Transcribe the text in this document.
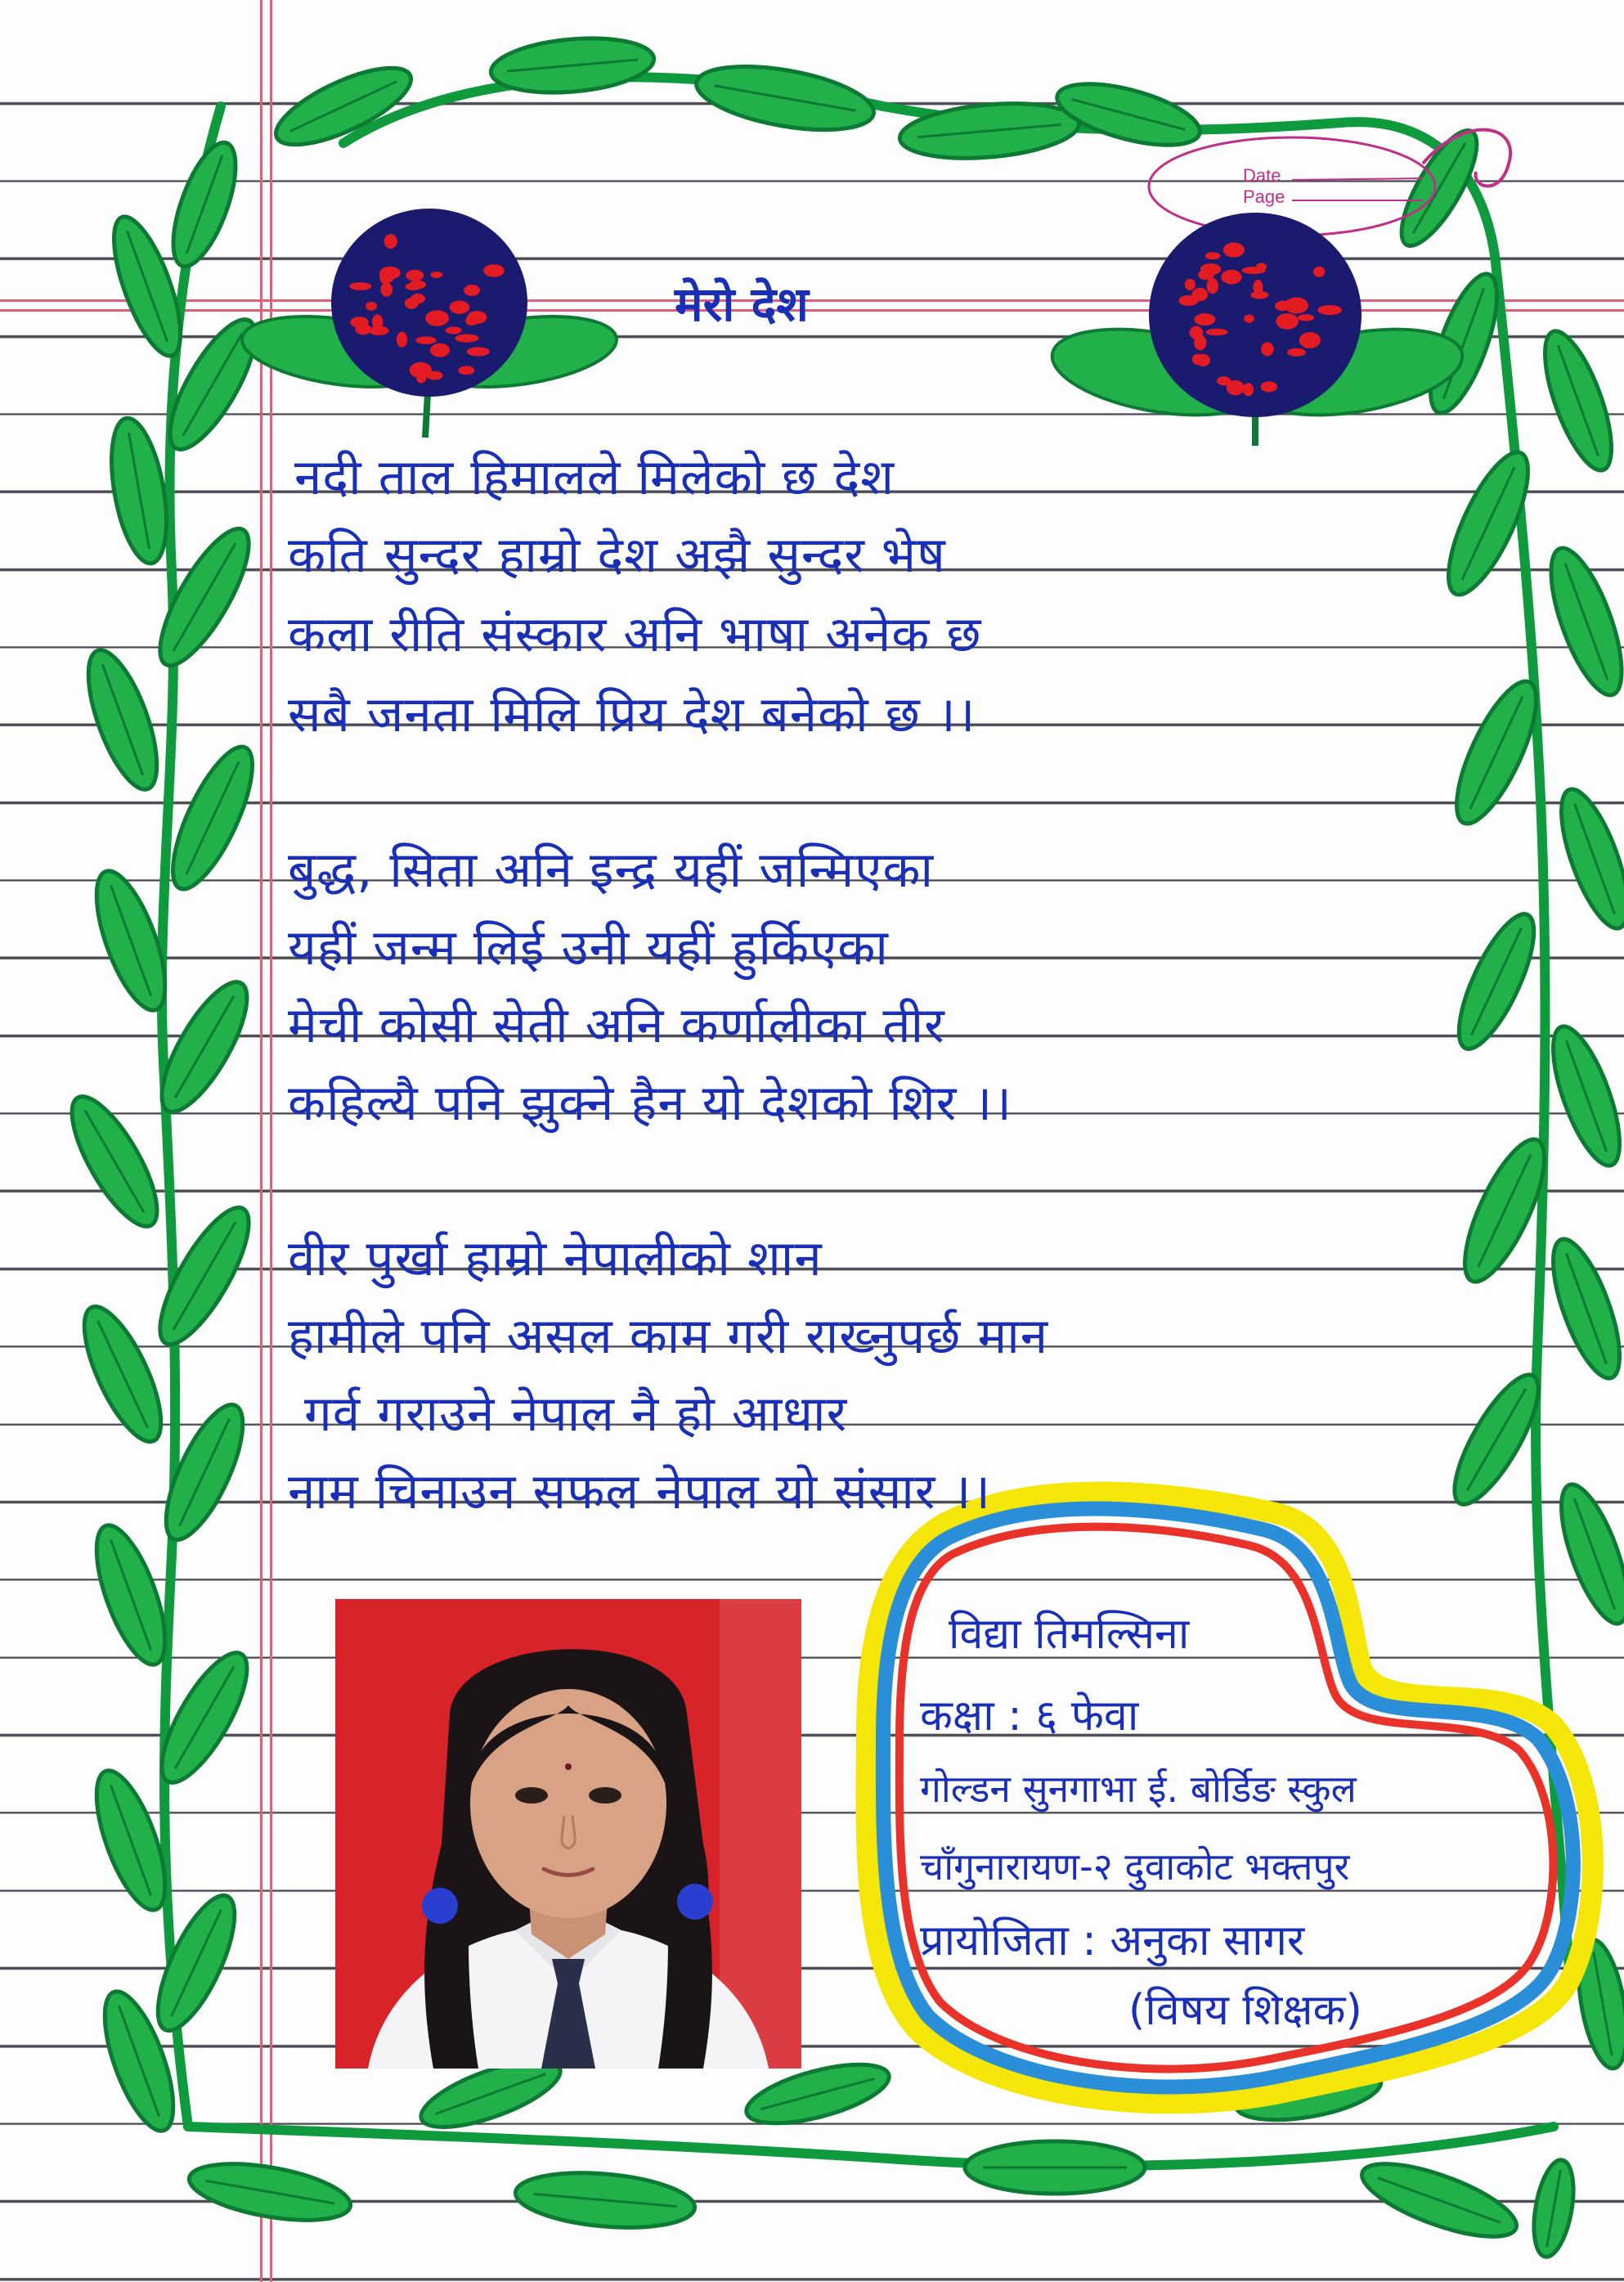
Date
Page
मेरो देश

नदी ताल हिमालले मिलेको छ देश

कति सुन्दर हाम्रो देश अझै सुन्दर भेष

कला रीति संस्कार अनि भाषा अनेक छ

सबै जनता मिलि प्रिय देश बनेको छ ।।

बुद्ध, सिता अनि इन्द्र यहीं जन्मिएका

यहीं जन्म लिई उनी यहीं हुर्किएका

मेची कोसी सेती अनि कर्णालीका तीर

कहिल्यै पनि झुक्ने हैन यो देशको शिर ।।

वीर पुर्खा हाम्रो नेपालीको शान

हामीले पनि असल काम गरी राख्नुपर्छ मान

गर्व गराउने नेपाल नै हो आधार

नाम चिनाउन सफल नेपाल यो संसार ।।

विद्या तिमल्सिना

कक्षा : ६ फेवा

गोल्डन सुनगाभा ई. बोर्डिङ स्कुल

चाँगुनारायण-२ दुवाकोट भक्तपुर

प्रायोजिता : अनुका सागर

(विषय शिक्षक)
